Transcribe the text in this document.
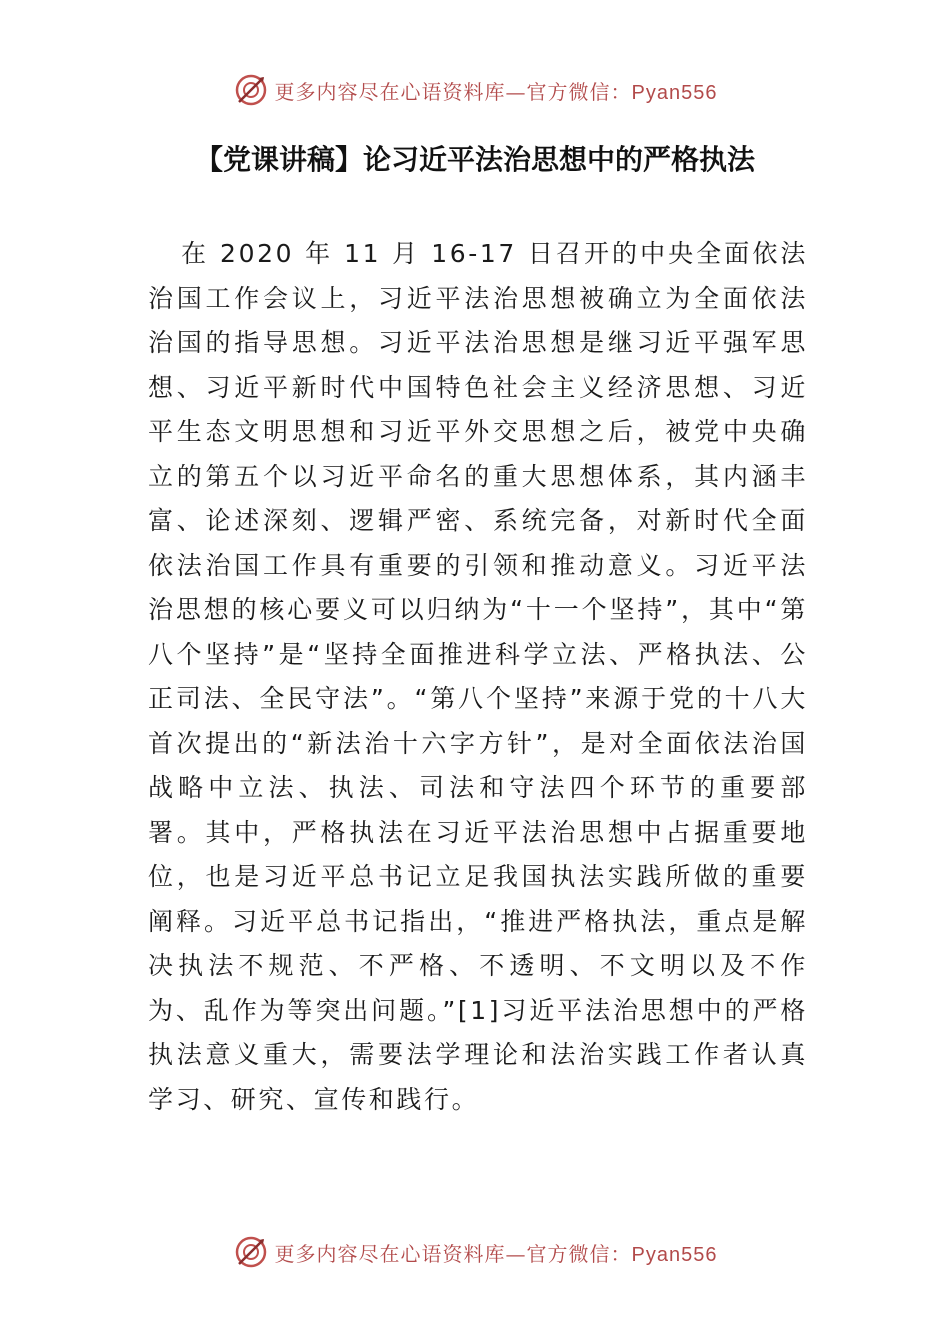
更多内容尽在心语资料库—官方微信：Pyan556
【党课讲稿】论习近平法治思想中的严格执法

在 2020 年 11 月 16-17 日召开的中央全面依法治国工作会议上，习近平法治思想被确立为全面依法治国的指导思想。习近平法治思想是继习近平强军思想、习近平新时代中国特色社会主义经济思想、习近平生态文明思想和习近平外交思想之后，被党中央确立的第五个以习近平命名的重大思想体系，其内涵丰富、论述深刻、逻辑严密、系统完备，对新时代全面依法治国工作具有重要的引领和推动意义。习近平法治思想的核心要义可以归纳为“十一个坚持”，其中“第八个坚持”是“坚持全面推进科学立法、严格执法、公正司法、全民守法”。“第八个坚持”来源于党的十八大首次提出的“新法治十六字方针”，是对全面依法治国战略中立法、执法、司法和守法四个环节的重要部署。其中，严格执法在习近平法治思想中占据重要地位，也是习近平总书记立足我国执法实践所做的重要阐释。习近平总书记指出，“推进严格执法，重点是解决执法不规范、不严格、不透明、不文明以及不作为、乱作为等突出问题。”[1]习近平法治思想中的严格执法意义重大，需要法学理论和法治实践工作者认真学习、研究、宣传和践行。

更多内容尽在心语资料库—官方微信：Pyan556
